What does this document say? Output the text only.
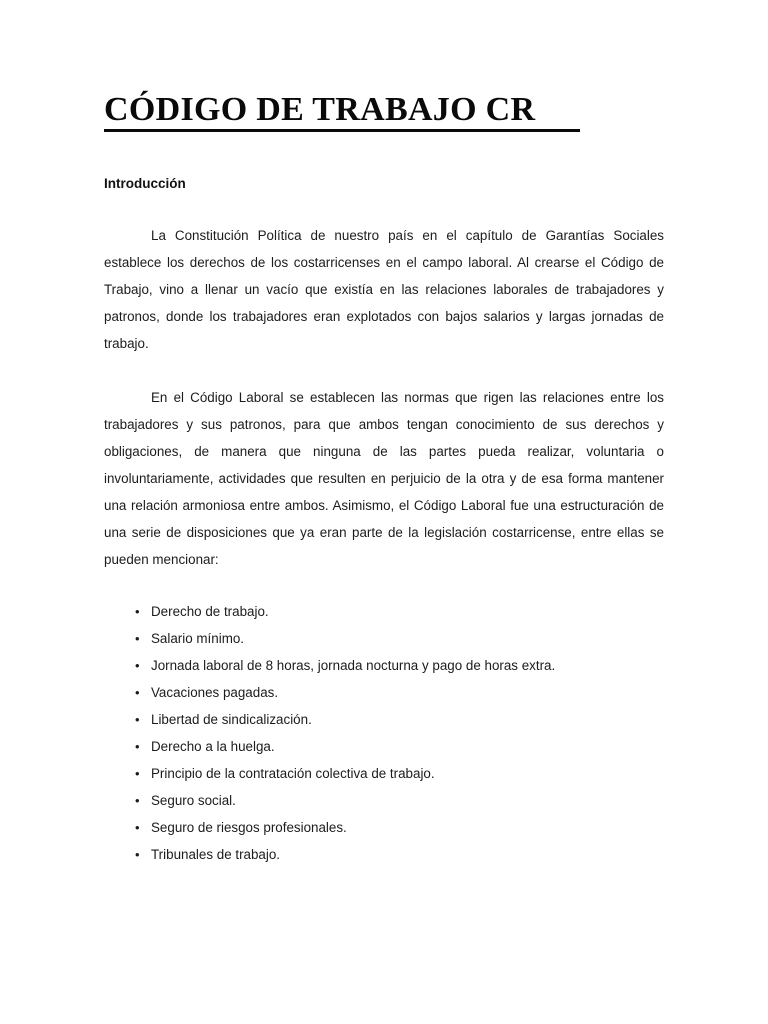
CÓDIGO DE TRABAJO CR
Introducción

La Constitución Política de nuestro país en el capítulo de Garantías Sociales establece los derechos de los costarricenses en el campo laboral. Al crearse el Código de Trabajo, vino a llenar un vacío que existía en las relaciones laborales de trabajadores y patronos, donde los trabajadores eran explotados con bajos salarios y largas jornadas de trabajo.

En el Código Laboral se establecen las normas que rigen las relaciones entre los trabajadores y sus patronos, para que ambos tengan conocimiento de sus derechos y obligaciones, de manera que ninguna de las partes pueda realizar, voluntaria o involuntariamente, actividades que resulten en perjuicio de la otra y de esa forma mantener una relación armoniosa entre ambos. Asimismo, el Código Laboral fue una estructuración de una serie de disposiciones que ya eran parte de la legislación costarricense, entre ellas se pueden mencionar:

• Derecho de trabajo.
• Salario mínimo.
• Jornada laboral de 8 horas, jornada nocturna y pago de horas extra.
• Vacaciones pagadas.
• Libertad de sindicalización.
• Derecho a la huelga.
• Principio de la contratación colectiva de trabajo.
• Seguro social.
• Seguro de riesgos profesionales.
• Tribunales de trabajo.
